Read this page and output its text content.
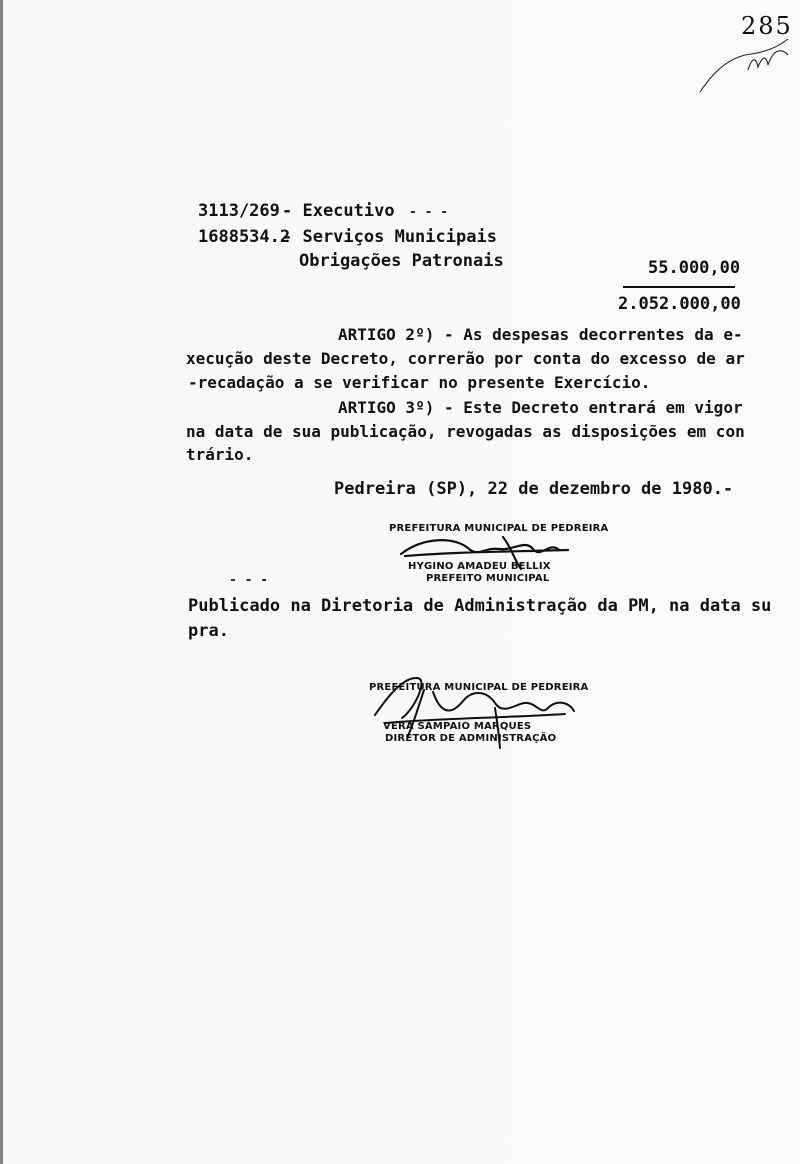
285
3113/269 - Executivo - - -
1688534.2
- Serviços Municipais
Obrigações Patronais	55.000,00
2.052.000,00
ARTIGO 2º) - As despesas decorrentes da e-
xecução deste Decreto, correrão por conta do excesso de ar
-recadação a se verificar no presente Exercício.
ARTIGO 3º) - Este Decreto entrará em vigor
na data de sua publicação, revogadas as disposições em con
trário.
Pedreira (SP), 22 de dezembro de 1980.-
PREFEITURA MUNICIPAL DE PEDREIRA
HYGINO AMADEU BELLIX
PREFEITO MUNICIPAL
- - -
Publicado na Diretoria de Administração da PM, na data su
pra.
PREFEITURA MUNICIPAL DE PEDREIRA
VERA SAMPAIO MARQUES
DIRETOR DE ADMINISTRAÇÃO
